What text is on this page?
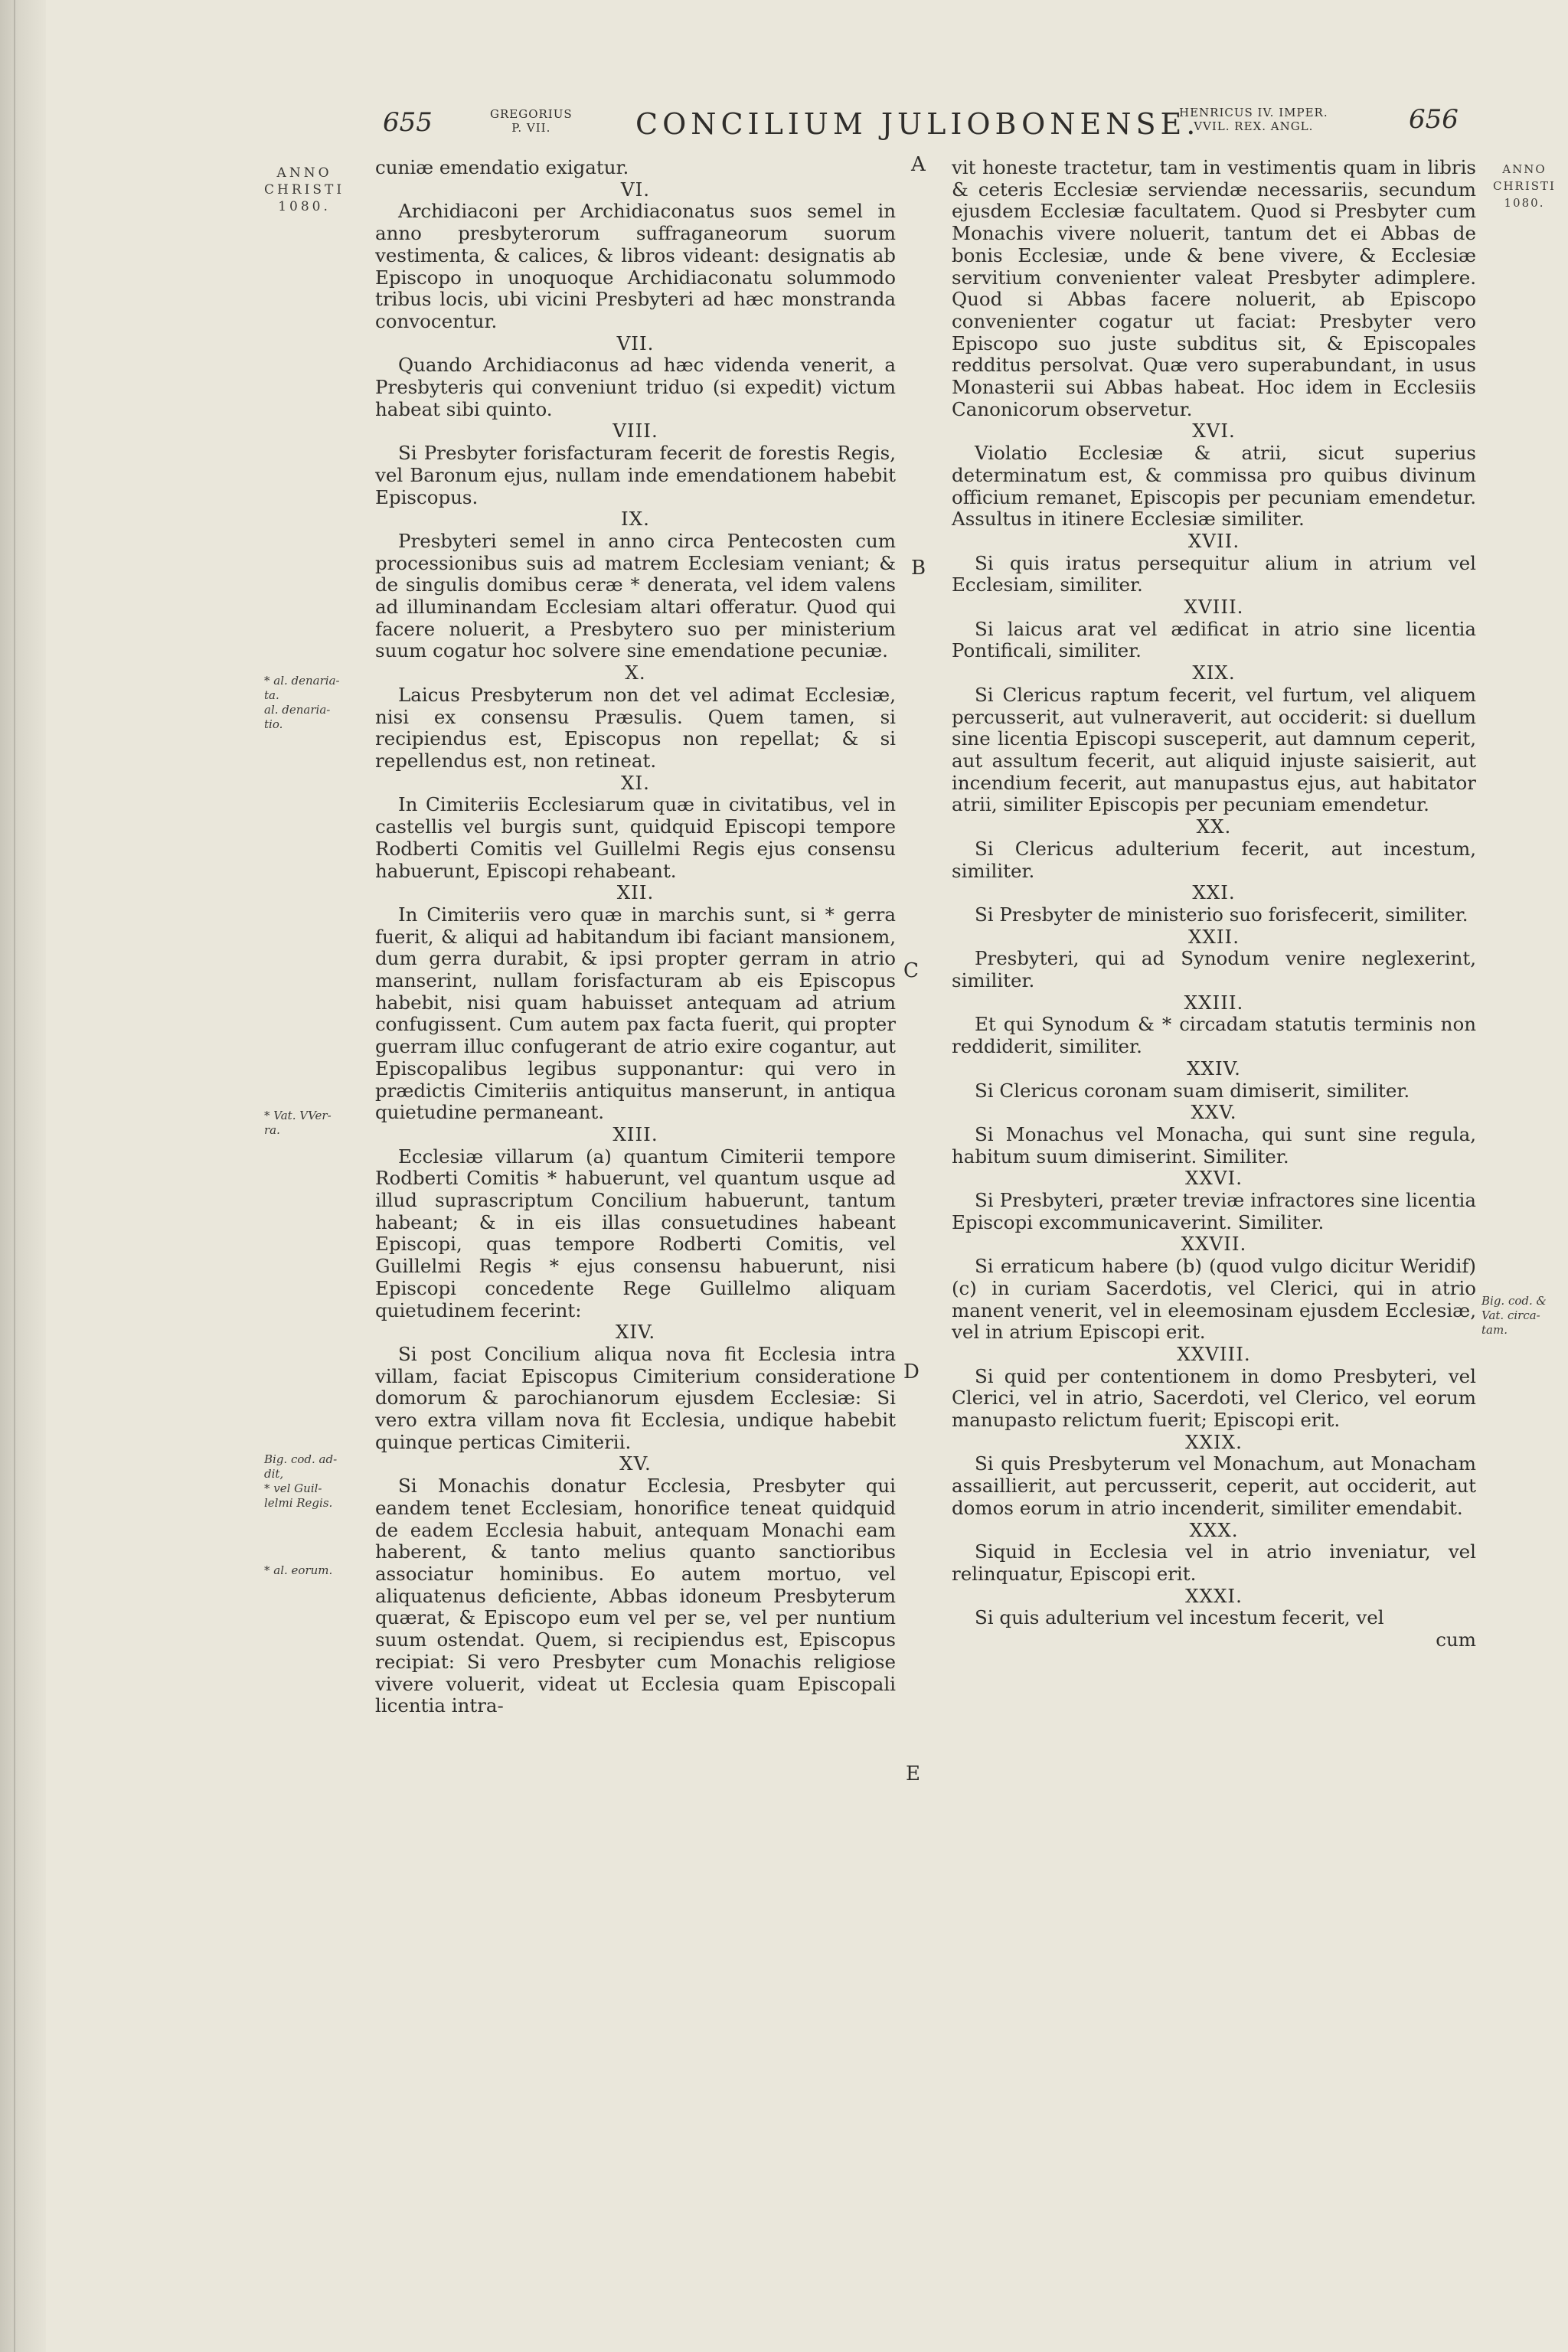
655	GREGORIUS
P. VII.	CONCILIUM JULIOBONENSE.
HENRICUS IV. IMPER.
VVIL. REX. ANGL.	656
ANNO
CHRISTI
1080.
* al. denaria-
ta.
al. denaria-
tio.
* Vat. VVer-
ra.
Big. cod. ad-
dit,
* vel Guil-
lelmi Regis.
* al. eorum.
ANNO
CHRISTI
1080.
Big. cod. &
Vat. circa-
tam.
A
B
C
D
E

cuniæ emendatio exigatur.

VI.

Archidiaconi per Archidiaconatus suos semel in anno presbyterorum suffraganeorum suorum vestimenta, & calices, & libros videant: designatis ab Episcopo in unoquoque Archidiaconatu solummodo tribus locis, ubi vicini Presbyteri ad hæc monstranda convocentur.

VII.

Quando Archidiaconus ad hæc videnda venerit, a Presbyteris qui conveniunt triduo (si expedit) victum habeat sibi quinto.

VIII.

Si Presbyter forisfacturam fecerit de forestis Regis, vel Baronum ejus, nullam inde emendationem habebit Episcopus.

IX.

Presbyteri semel in anno circa Pentecosten cum processionibus suis ad matrem Ecclesiam veniant; & de singulis domibus ceræ * denerata, vel idem valens ad illuminandam Ecclesiam altari offeratur. Quod qui facere noluerit, a Presbytero suo per ministerium suum cogatur hoc solvere sine emendatione pecuniæ.

X.

Laicus Presbyterum non det vel adimat Ecclesiæ, nisi ex consensu Præsulis. Quem tamen, si recipiendus est, Episcopus non repellat; & si repellendus est, non retineat.

XI.

In Cimiteriis Ecclesiarum quæ in civitatibus, vel in castellis vel burgis sunt, quidquid Episcopi tempore Rodberti Comitis vel Guillelmi Regis ejus consensu habuerunt, Episcopi rehabeant.

XII.

In Cimiteriis vero quæ in marchis sunt, si * gerra fuerit, & aliqui ad habitandum ibi faciant mansionem, dum gerra durabit, & ipsi propter gerram in atrio manserint, nullam forisfacturam ab eis Episcopus habebit, nisi quam habuisset antequam ad atrium confugissent. Cum autem pax facta fuerit, qui propter guerram illuc confugerant de atrio exire cogantur, aut Episcopalibus legibus supponantur: qui vero in prædictis Cimiteriis antiquitus manserunt, in antiqua quietudine permaneant.

XIII.

Ecclesiæ villarum (a) quantum Cimiterii tempore Rodberti Comitis * habuerunt, vel quantum usque ad illud suprascriptum Concilium habuerunt, tantum habeant; & in eis illas consuetudines habeant Episcopi, quas tempore Rodberti Comitis, vel Guillelmi Regis * ejus consensu habuerunt, nisi Episcopi concedente Rege Guillelmo aliquam quietudinem fecerint:

XIV.

Si post Concilium aliqua nova fit Ecclesia intra villam, faciat Episcopus Cimiterium consideratione domorum & parochianorum ejusdem Ecclesiæ: Si vero extra villam nova fit Ecclesia, undique habebit quinque perticas Cimiterii.

XV.

Si Monachis donatur Ecclesia, Presbyter qui eandem tenet Ecclesiam, honorifice teneat quidquid de eadem Ecclesia habuit, antequam Monachi eam haberent, & tanto melius quanto sanctioribus associatur hominibus. Eo autem mortuo, vel aliquatenus deficiente, Abbas idoneum Presbyterum quærat, & Episcopo eum vel per se, vel per nuntium suum ostendat. Quem, si recipiendus est, Episcopus recipiat: Si vero Presbyter cum Monachis religiose vivere voluerit, videat ut Ecclesia quam Episcopali licentia intra-

vit honeste tractetur, tam in vestimentis quam in libris & ceteris Ecclesiæ serviendæ necessariis, secundum ejusdem Ecclesiæ facultatem. Quod si Presbyter cum Monachis vivere noluerit, tantum det ei Abbas de bonis Ecclesiæ, unde & bene vivere, & Ecclesiæ servitium convenienter valeat Presbyter adimplere. Quod si Abbas facere noluerit, ab Episcopo convenienter cogatur ut faciat: Presbyter vero Episcopo suo juste subditus sit, & Episcopales redditus persolvat. Quæ vero superabundant, in usus Monasterii sui Abbas habeat. Hoc idem in Ecclesiis Canonicorum observetur.

XVI.

Violatio Ecclesiæ & atrii, sicut superius determinatum est, & commissa pro quibus divinum officium remanet, Episcopis per pecuniam emendetur. Assultus in itinere Ecclesiæ similiter.

XVII.

Si quis iratus persequitur alium in atrium vel Ecclesiam, similiter.

XVIII.

Si laicus arat vel ædificat in atrio sine licentia Pontificali, similiter.

XIX.

Si Clericus raptum fecerit, vel furtum, vel aliquem percusserit, aut vulneraverit, aut occiderit: si duellum sine licentia Episcopi susceperit, aut damnum ceperit, aut assultum fecerit, aut aliquid injuste saisierit, aut incendium fecerit, aut manupastus ejus, aut habitator atrii, similiter Episcopis per pecuniam emendetur.

XX.

Si Clericus adulterium fecerit, aut incestum, similiter.

XXI.

Si Presbyter de ministerio suo forisfecerit, similiter.

XXII.

Presbyteri, qui ad Synodum venire neglexerint, similiter.

XXIII.

Et qui Synodum & * circadam statutis terminis non reddiderit, similiter.

XXIV.

Si Clericus coronam suam dimiserit, similiter.

XXV.

Si Monachus vel Monacha, qui sunt sine regula, habitum suum dimiserint. Similiter.

XXVI.

Si Presbyteri, præter treviæ infractores sine licentia Episcopi excommunicaverint. Similiter.

XXVII.

Si erraticum habere (b) (quod vulgo dicitur Weridif) (c) in curiam Sacerdotis, vel Clerici, qui in atrio manent venerit, vel in eleemosinam ejusdem Ecclesiæ, vel in atrium Episcopi erit.

XXVIII.

Si quid per contentionem in domo Presbyteri, vel Clerici, vel in atrio, Sacerdoti, vel Clerico, vel eorum manupasto relictum fuerit; Episcopi erit.

XXIX.

Si quis Presbyterum vel Monachum, aut Monacham assaillierit, aut percusserit, ceperit, aut occiderit, aut domos eorum in atrio incenderit, similiter emendabit.

XXX.

Siquid in Ecclesia vel in atrio inveniatur, vel relinquatur, Episcopi erit.

XXXI.

Si quis adulterium vel incestum fecerit, vel

cum
